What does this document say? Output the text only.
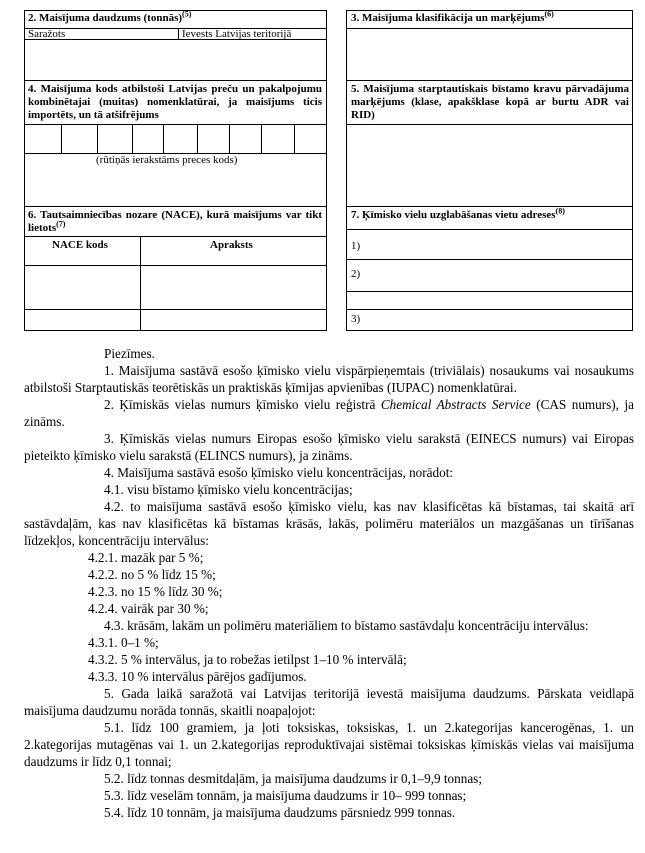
2. Maisījuma daudzums (tonnās)$^{(5)}$
Saražots	Ievests Latvijas teritorijā
3. Maisījuma klasifikācija un marķējums$^{(6)}$
4. Maisījuma kods atbilstoši Latvijas preču un pakalpojumu kombinētajai (muitas) nomenklatūrai, ja maisījums ticis importēts, un tā atšifrējums
(rūtiņās ierakstāms preces kods)
5. Maisījuma starptautiskais bīstamo kravu pārvadājuma marķējums (klase, apakšklase kopā ar burtu ADR vai RID)
6. Tautsaimniecības nozare (NACE), kurā maisījums var tikt lietots$^{(7)}$
NACE kods	Apraksts
7. Ķīmisko vielu uzglabāšanas vietu adreses$^{(8)}$
1)
2)
3)

Piezīmes.

1. Maisījuma sastāvā esošo ķīmisko vielu vispārpieņemtais (triviālais) nosaukums vai nosaukums atbilstoši Starptautiskās teorētiskās un praktiskās ķīmijas apvienības (IUPAC) nomenklatūrai.

2. Ķīmiskās vielas numurs ķīmisko vielu reģistrā Chemical Abstracts Service (CAS numurs), ja zināms.

3. Ķīmiskās vielas numurs Eiropas esošo ķīmisko vielu sarakstā (EINECS numurs) vai Eiropas pieteikto ķīmisko vielu sarakstā (ELINCS numurs), ja zināms.

4. Maisījuma sastāvā esošo ķīmisko vielu koncentrācijas, norādot:

4.1. visu bīstamo ķīmisko vielu koncentrācijas;

4.2. to maisījuma sastāvā esošo ķīmisko vielu, kas nav klasificētas kā bīstamas, tai skaitā arī sastāvdaļām, kas nav klasificētas kā bīstamas krāsās, lakās, polimēru materiālos un mazgāšanas un tīrīšanas līdzekļos, koncentrāciju intervālus:

4.2.1. mazāk par 5 %;

4.2.2. no 5 % līdz 15 %;

4.2.3. no 15 % līdz 30 %;

4.2.4. vairāk par 30 %;

4.3. krāsām, lakām un polimēru materiāliem to bīstamo sastāvdaļu koncentrāciju intervālus:

4.3.1. 0–1 %;

4.3.2. 5 % intervālus, ja to robežas ietilpst 1–10 % intervālā;

4.3.3. 10 % intervālus pārējos gadījumos.

5. Gada laikā saražotā vai Latvijas teritorijā ievestā maisījuma daudzums. Pārskata veidlapā maisījuma daudzumu norāda tonnās, skaitli noapaļojot:

5.1. līdz 100 gramiem, ja ļoti toksiskas, toksiskas, 1. un 2.kategorijas kancerogēnas, 1. un 2.kategorijas mutagēnas vai 1. un 2.kategorijas reproduktīvajai sistēmai toksiskas ķīmiskās vielas vai maisījuma daudzums ir līdz 0,1 tonnai;

5.2. līdz tonnas desmitdaļām, ja maisījuma daudzums ir 0,1–9,9 tonnas;

5.3. līdz veselām tonnām, ja maisījuma daudzums ir 10– 999 tonnas;

5.4. līdz 10 tonnām, ja maisījuma daudzums pārsniedz 999 tonnas.
